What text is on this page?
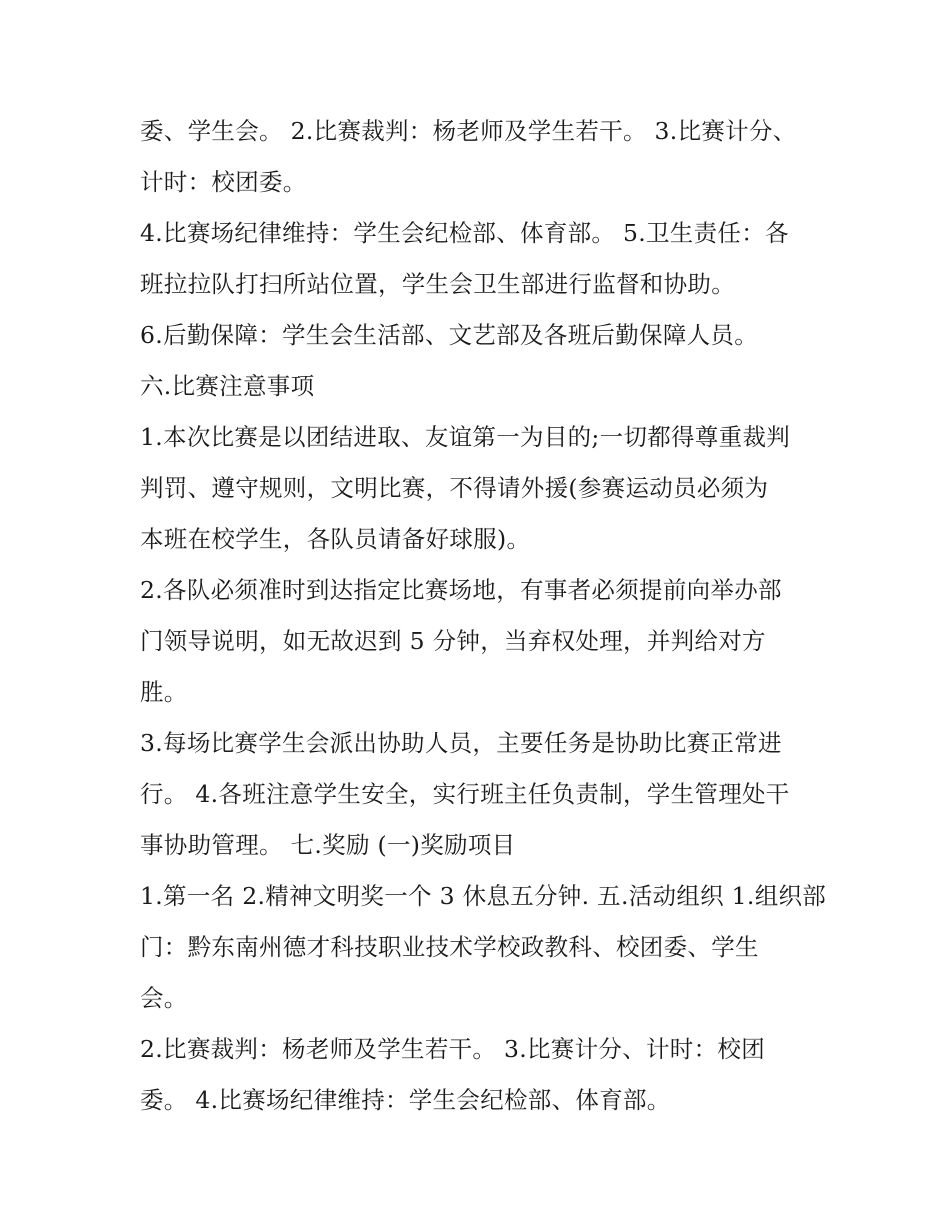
委、学生会。 2.比赛裁判：杨老师及学生若干。 3.比赛计分、
计时：校团委。
4.比赛场纪律维持：学生会纪检部、体育部。 5.卫生责任：各
班拉拉队打扫所站位置，学生会卫生部进行监督和协助。
6.后勤保障：学生会生活部、文艺部及各班后勤保障人员。
六.比赛注意事项
1.本次比赛是以团结进取、友谊第一为目的;一切都得尊重裁判
判罚、遵守规则，文明比赛，不得请外援(参赛运动员必须为
本班在校学生，各队员请备好球服)。
2.各队必须准时到达指定比赛场地，有事者必须提前向举办部
门领导说明，如无故迟到 5 分钟，当弃权处理，并判给对方
胜。
3.每场比赛学生会派出协助人员，主要任务是协助比赛正常进
行。 4.各班注意学生安全，实行班主任负责制，学生管理处干
事协助管理。 七.奖励 (一)奖励项目
1.第一名 2.精神文明奖一个 3 休息五分钟. 五.活动组织 1.组织部
门：黔东南州德才科技职业技术学校政教科、校团委、学生
会。
2.比赛裁判：杨老师及学生若干。 3.比赛计分、计时：校团
委。 4.比赛场纪律维持：学生会纪检部、体育部。
